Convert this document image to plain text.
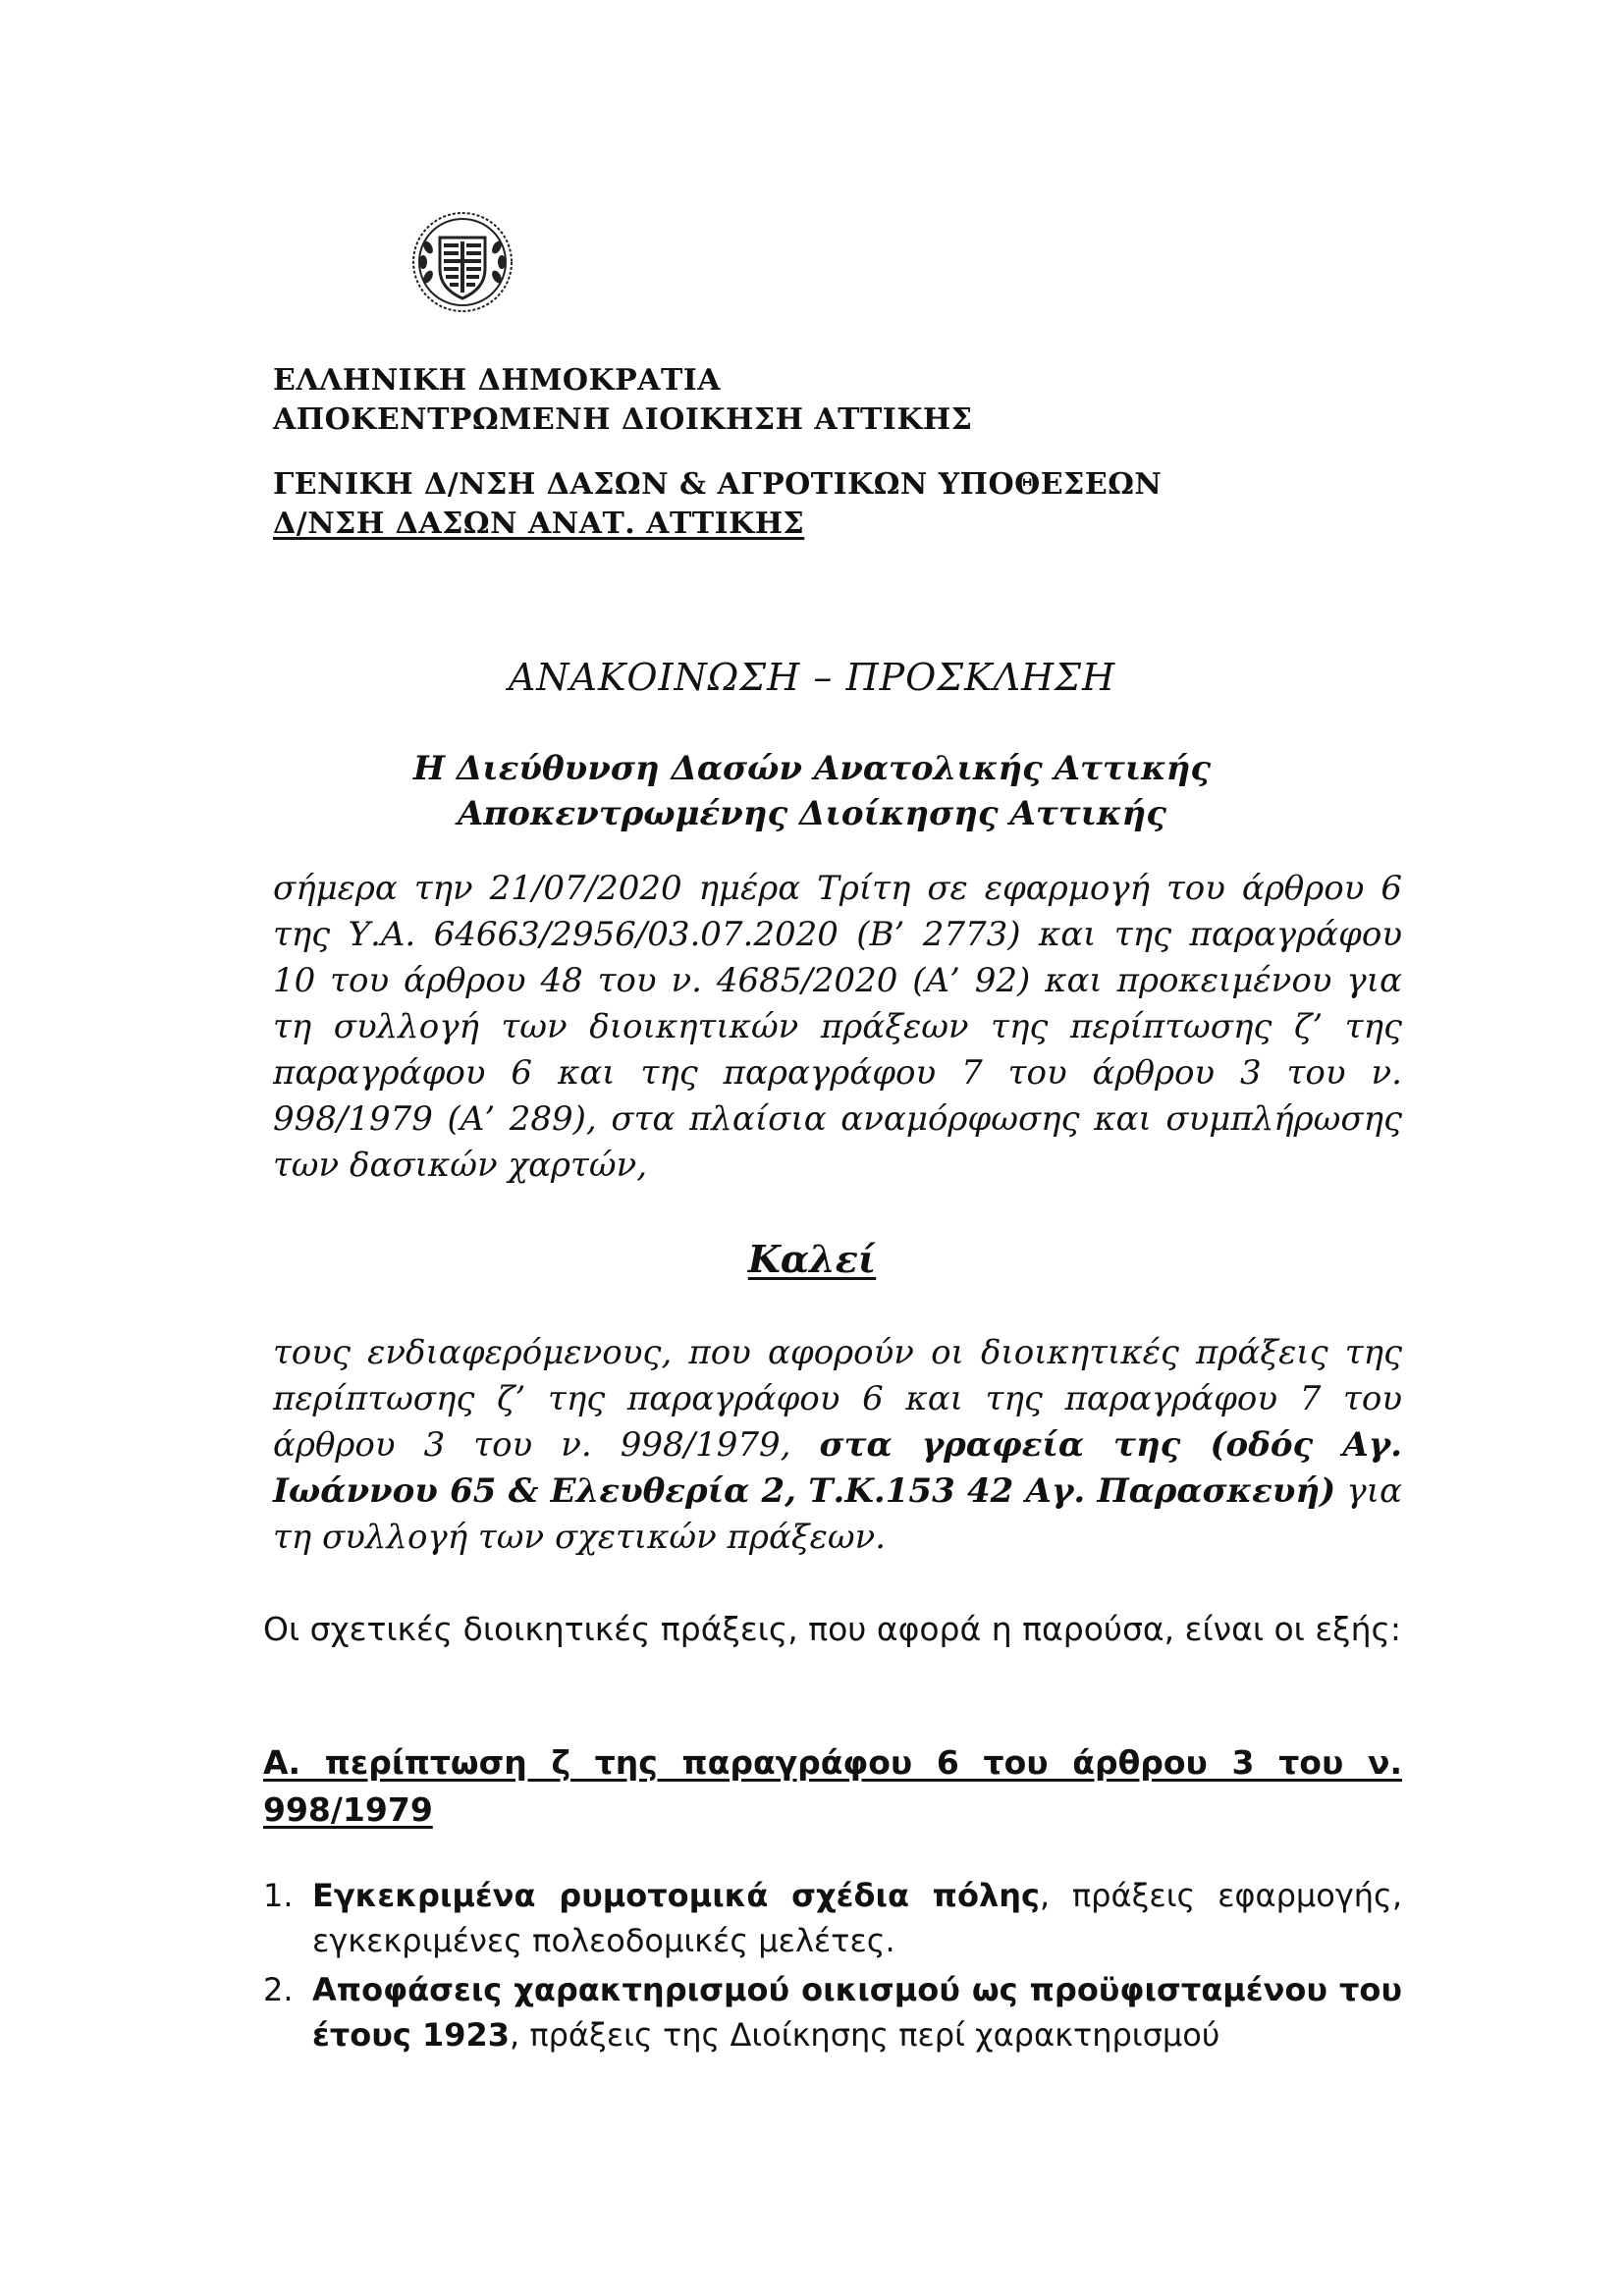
ΕΛΛΗΝΙΚΗ ΔΗΜΟΚΡΑΤΙΑ
ΑΠΟΚΕΝΤΡΩΜΕΝΗ ΔΙΟΙΚΗΣΗ ΑΤΤΙΚΗΣ
ΓΕΝΙΚΗ Δ/ΝΣΗ ΔΑΣΩΝ & ΑΓΡΟΤΙΚΩΝ ΥΠΟΘΕΣΕΩΝ
Δ/ΝΣΗ ΔΑΣΩΝ ΑΝΑΤ. ΑΤΤΙΚΗΣ
ΑΝΑΚΟΙΝΩΣΗ – ΠΡΟΣΚΛΗΣΗ
Η Διεύθυνση Δασών Ανατολικής Αττικής
Αποκεντρωμένης Διοίκησης Αττικής
σήμερα την 21/07/2020 ημέρα Τρίτη σε εφαρμογή του άρθρου 6 της Υ.Α. 64663/2956/03.07.2020 (Β’ 2773) και της παραγράφου 10 του άρθρου 48 του ν. 4685/2020 (Α’ 92) και προκειμένου για τη συλλογή των διοικητικών πράξεων της περίπτωσης ζ’ της παραγράφου 6 και της παραγράφου 7 του άρθρου 3 του ν. 998/1979 (Α’ 289), στα πλαίσια αναμόρφωσης και συμπλήρωσης των δασικών χαρτών,
Καλεί
τους ενδιαφερόμενους, που αφορούν οι διοικητικές πράξεις της περίπτωσης ζ’ της παραγράφου 6 και της παραγράφου 7 του άρθρου 3 του ν. 998/1979, στα γραφεία της (οδός Αγ. Ιωάννου 65 & Ελευθερία 2, Τ.Κ.153 42 Αγ. Παρασκευή) για τη συλλογή των σχετικών πράξεων.
Οι σχετικές διοικητικές πράξεις, που αφορά η παρούσα, είναι οι εξής:
Α. περίπτωση ζ της παραγράφου 6 του άρθρου 3 του ν. 998/1979
1. Εγκεκριμένα ρυμοτομικά σχέδια πόλης, πράξεις εφαρμογής, εγκεκριμένες πολεοδομικές μελέτες.
2. Αποφάσεις χαρακτηρισμού οικισμού ως προϋφισταμένου του έτους 1923, πράξεις της Διοίκησης περί χαρακτηρισμού
